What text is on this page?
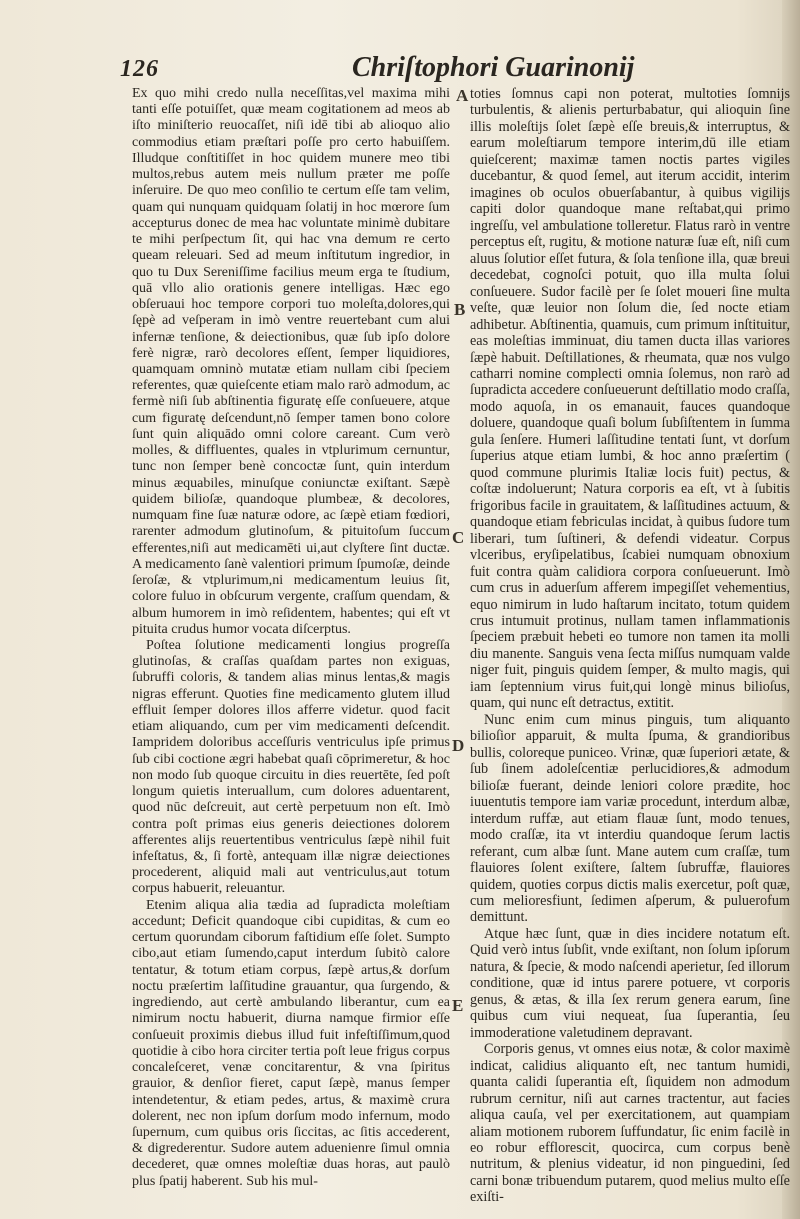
126	Chriſtophori Guarinonij
A
B
C
D
E

Ex quo mihi credo nulla neceſſitas,vel maxima mihi tanti eſſe potuiſſet, quæ meam cogitationem ad meos ab iſto miniſterio reuocaſſet, niſi idē tibi ab alioquo alio commodius etiam præſtari poſſe pro certo habuiſſem. Illudque conſtitiſſet in hoc quidem munere meo tibi multos,rebus autem meis nullum præter me poſſe inſeruire. De quo meo conſilio te certum eſſe tam velim, quam qui nunquam quidquam ſolatij in hoc mœrore ſum accepturus donec de mea hac voluntate minimè dubitare te mihi perſpectum ſit, qui hac vna demum re certo queam releuari. Sed ad meum inſtitutum ingredior, in quo tu Dux Sereniſſime facilius meum erga te ſtudium, quā vllo alio orationis genere intelligas. Hæc ego obſeruaui hoc tempore corpori tuo moleſta,dolores,qui ſępè ad veſperam in imò ventre reuertebant cum alui infernæ tenſione, & deiectionibus, quæ ſub ipſo dolore ferè nigræ, rarò decolores eſſent, ſemper liquidiores, quamquam omninò mutatæ etiam nullam cibi ſpeciem referentes, quæ quieſcente etiam malo rarò admodum, ac fermè niſi ſub abſtinentia figuratę eſſe conſueuere, atque cum figuratę deſcendunt,nō ſemper tamen bono colore ſunt quin aliquādo omni colore careant. Cum verò molles, & diffluentes, quales in vtplurimum cernuntur, tunc non ſemper benè concoctæ ſunt, quin interdum minus æquabiles, minuſque coniunctæ exiſtant. Sæpè quidem bilioſæ, quandoque plumbeæ, & decolores, numquam fine ſuæ naturæ odore, ac ſæpè etiam fœdiori, rarenter admodum glutinoſum, & pituitoſum ſuccum efferentes,niſi aut medicamēti ui,aut clyſtere ſint ductæ. A medicamento ſanè valentiori primum ſpumoſæ, deinde ſeroſæ, & vtplurimum,ni medicamentum leuius ſit, colore fuluo in obſcurum vergente, craſſum quendam, & album humorem in imò reſidentem, habentes; qui eſt vt pituita crudus humor vocata diſcerptus.

Poſtea ſolutione medicamenti longius progreſſa glutinoſas, & craſſas quaſdam partes non exiguas, ſubruffi coloris, & tandem alias minus lentas,& magis nigras efferunt. Quoties fine medicamento glutem illud effluit ſemper dolores illos afferre videtur. quod facit etiam aliquando, cum per vim medicamenti deſcendit. Iampridem doloribus acceſſuris ventriculus ipſe primus ſub cibi coctione ægri habebat quaſi cōprimeretur, & hoc non modo ſub quoque circuitu in dies reuertēte, ſed poſt longum quietis interuallum, cum dolores aduentarent, quod nūc deſcreuit, aut certè perpetuum non eſt. Imò contra poſt primas eius generis deiectiones dolorem afferentes alijs reuertentibus ventriculus ſæpè nihil fuit infeſtatus, &, ſi fortè, antequam illæ nigræ deiectiones procederent, aliquid mali aut ventriculus,aut totum corpus habuerit, releuantur.

Etenim aliqua alia tædia ad ſupradicta moleſtiam accedunt; Deficit quandoque cibi cupiditas, & cum eo certum quorundam ciborum faſtidium eſſe ſolet. Sumpto cibo,aut etiam ſumendo,caput interdum ſubitò calore tentatur, & totum etiam corpus, ſæpè artus,& dorſum noctu præſertim laſſitudine grauantur, qua ſurgendo, & ingrediendo, aut certè ambulando liberantur, cum ea nimirum noctu habuerit, diurna namque firmior eſſe conſueuit proximis diebus illud fuit infeſtiſſimum,quod quotidie à cibo hora circiter tertia poſt leue frigus corpus concaleſceret, venæ concitarentur, & vna ſpiritus grauior, & denſior fieret, caput ſæpè, manus ſemper intendetentur, & etiam pedes, artus, & maximè crura dolerent, nec non ipſum dorſum modo infernum, modo ſupernum, cum quibus oris ſiccitas, ac ſitis accederent, & digrederentur. Sudore autem aduenienre ſimul omnia decederet, quæ omnes moleſtiæ duas horas, aut paulò plus ſpatij haberent. Sub his mul-

toties ſomnus capi non poterat, multoties ſomnijs turbulentis, & alienis perturbabatur, qui alioquin ſine illis moleſtijs ſolet ſæpè eſſe breuis,& interruptus, & earum moleſtiarum tempore interim,dū ille etiam quieſcerent; maximæ tamen noctis partes vigiles ducebantur, & quod ſemel, aut iterum accidit, interim imagines ob oculos obuerſabantur, à quibus vigilijs capiti dolor quandoque mane reſtabat,qui primo ingreſſu, vel ambulatione tolleretur. Flatus rarò in ventre perceptus eſt, rugitu, & motione naturæ ſuæ eſt, niſi cum aluus ſolutior eſſet futura, & ſola tenſione illa, quæ breui decedebat, cognoſci potuit, quo illa multa ſolui conſueuere. Sudor facilè per ſe ſolet moueri ſine multa veſte, quæ leuior non ſolum die, ſed nocte etiam adhibetur. Abſtinentia, quamuis, cum primum inſtituitur, eas moleſtias imminuat, diu tamen ducta illas variores ſæpè habuit. Deſtillationes, & rheumata, quæ nos vulgo catharri nomine complecti omnia ſolemus, non rarò ad ſupradicta accedere conſueuerunt deſtillatio modo craſſa, modo aquoſa, in os emanauit, fauces quandoque doluere, quandoque quaſi bolum ſubſiſtentem in ſumma gula ſenſere. Humeri laſſitudine tentati ſunt, vt dorſum ſuperius atque etiam lumbi, & hoc anno præſertim ( quod commune plurimis Italiæ locis fuit) pectus, & coſtæ indoluerunt; Natura corporis ea eſt, vt à ſubitis frigoribus facile in grauitatem, & laſſitudines actuum, & quandoque etiam febriculas incidat, à quibus ſudore tum liberari, tum ſuſtineri, & defendi videatur. Corpus vlceribus, eryſipelatibus, ſcabiei numquam obnoxium fuit contra quàm calidiora corpora conſueuerunt. Imò cum crus in aduerſum afferem impegiſſet vehementius, equo nimirum in ludo haſtarum incitato, totum quidem crus intumuit protinus, nullam tamen inflammationis ſpeciem præbuit hebeti eo tumore non tamen ita molli diu manente. Sanguis vena ſecta miſſus numquam valde niger fuit, pinguis quidem ſemper, & multo magis, qui iam ſeptennium virus fuit,qui longè minus bilioſus, quam, qui nunc eſt detractus, extitit.

Nunc enim cum minus pinguis, tum aliquanto bilioſior apparuit, & multa ſpuma, & grandioribus bullis, coloreque puniceo. Vrinæ, quæ ſuperiori ætate, & ſub ſinem adoleſcentiæ perlucidiores,& admodum bilioſæ fuerant, deinde leniori colore prædite, hoc iuuentutis tempore iam variæ procedunt, interdum albæ, interdum ruffæ, aut etiam flauæ ſunt, modo tenues, modo craſſæ, ita vt interdiu quandoque ſerum lactis referant, cum albæ ſunt. Mane autem cum craſſæ, tum flauiores ſolent exiſtere, ſaltem ſubruffæ, flauiores quidem, quoties corpus dictis malis exercetur, poſt quæ, cum melioresfiunt, ſedimen aſperum, & puluerofum demittunt.

Atque hæc ſunt, quæ in dies incidere notatum eſt. Quid verò intus ſubſit, vnde exiſtant, non ſolum ipſorum natura, & ſpecie, & modo naſcendi aperietur, ſed illorum conditione, quæ id intus parere potuere, vt corporis genus, & ætas, & illa ſex rerum genera earum, ſine quibus cum viui nequeat, ſua ſuperantia, ſeu immoderatione valetudinem depravant.

Corporis genus, vt omnes eius notæ, & color maximè indicat, calidius aliquanto eſt, nec tantum humidi, quanta calidi ſuperantia eſt, ſiquidem non admodum rubrum cernitur, niſi aut carnes tractentur, aut facies aliqua cauſa, vel per exercitationem, aut quampiam aliam motionem ruborem ſuffundatur, ſic enim facilè in eo robur efflorescit, quocirca, cum corpus benè nutritum, & plenius videatur, id non pinguedini, ſed carni bonæ tribuendum putarem, quod melius multo eſſe exiſti-
